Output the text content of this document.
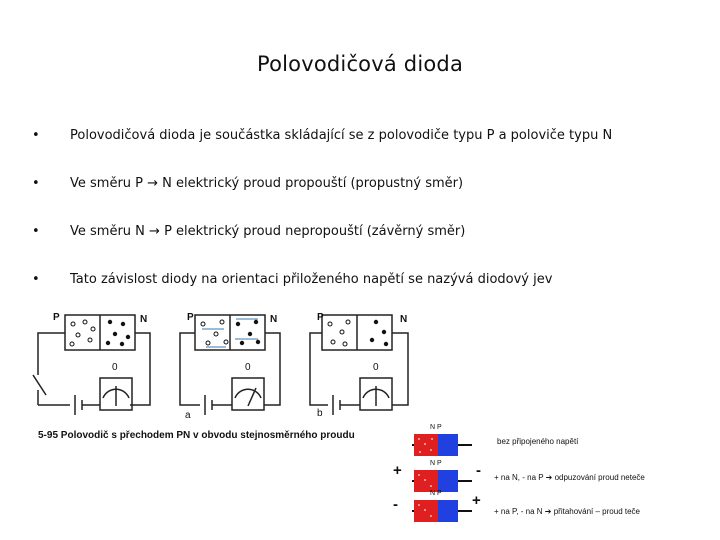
Polovodičová dioda
• Polovodičová dioda je součástka skládající se z polovodiče typu P a poloviče typu N
• Ve směru P → N elektrický proud propouští (propustný směr)
• Ve směru N → P elektrický proud nepropouští (závěrný směr)
• Tato závislost diody na orientaci přiloženého napětí se nazývá diodový jev
P	N	P	N	P	N
0	0	0
a	b
5-95 Polovodič s přechodem PN v obvodu stejnosměrného proudu
N P
N P
N P
+	-
-	+
bez připojeného napětí
+ na N, - na P ➔ odpuzování proud neteče
+ na P, - na N ➔ přitahování – proud teče
